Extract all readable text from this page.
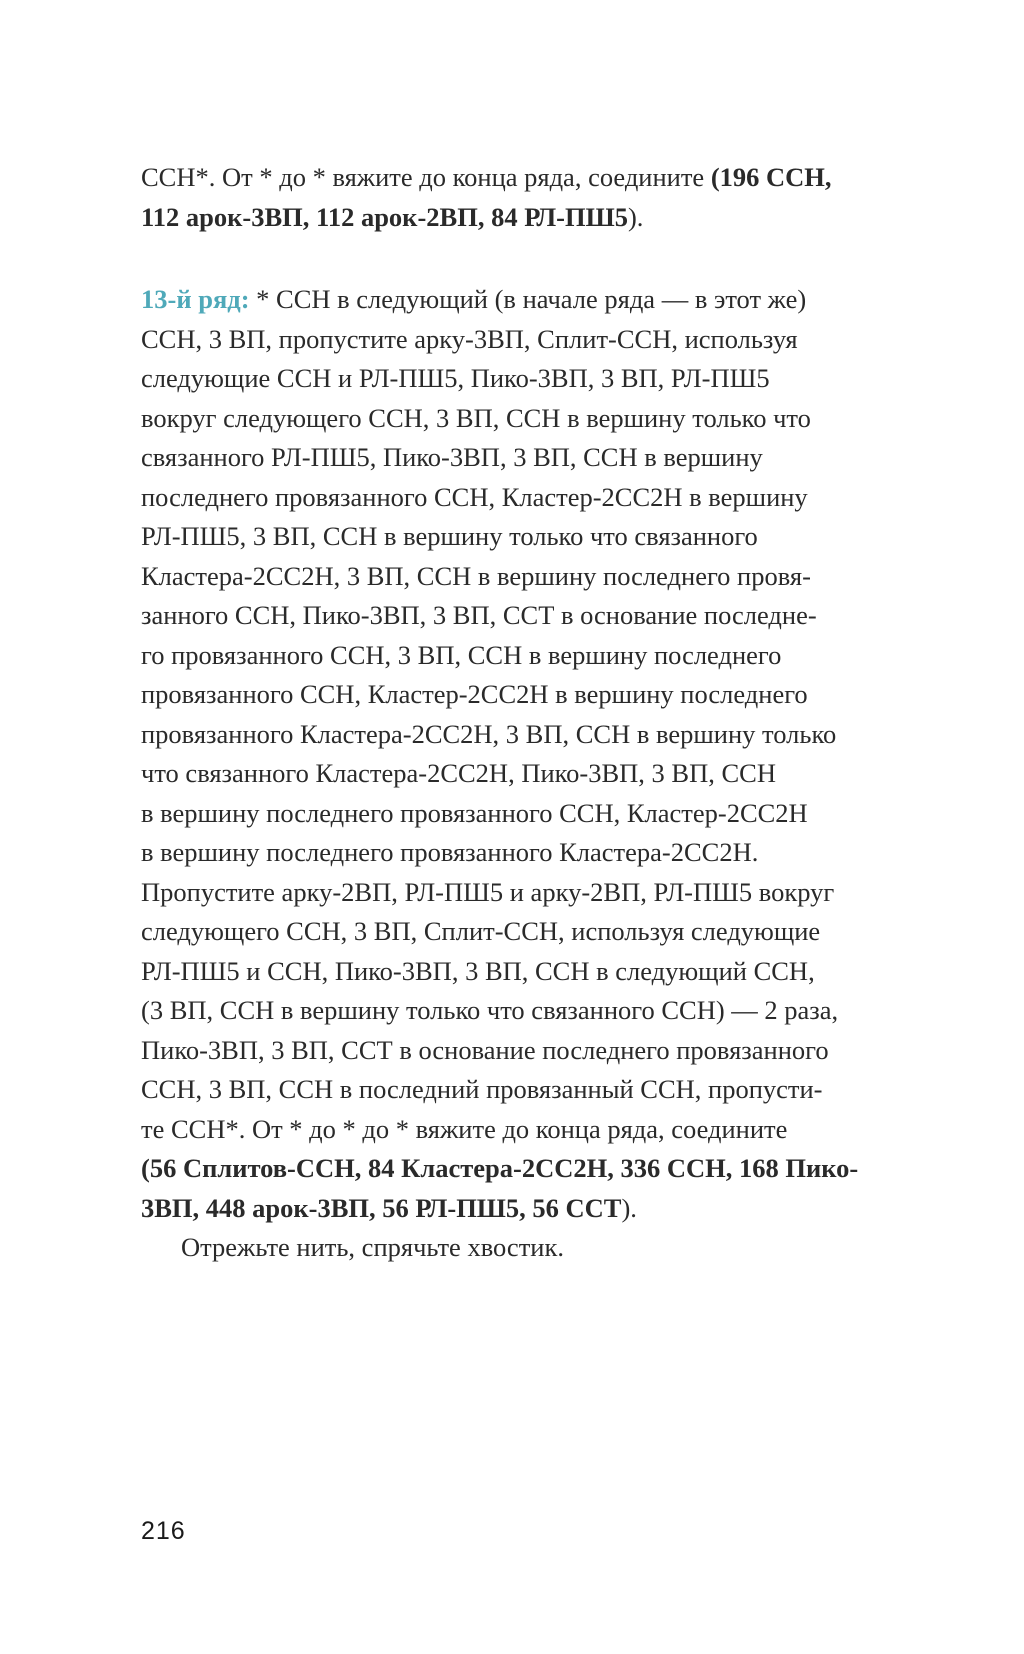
ССН*. От * до * вяжите до конца ряда, соедините (196 ССН,
112 арок-3ВП, 112 арок-2ВП, 84 РЛ-ПШ5).
13-й ряд: * ССН в следующий (в начале ряда — в этот же)
ССН, 3 ВП, пропустите арку-3ВП, Сплит-ССН, используя
следующие ССН и РЛ-ПШ5, Пико-3ВП, 3 ВП, РЛ-ПШ5
вокруг следующего ССН, 3 ВП, ССН в вершину только что
связанного РЛ-ПШ5, Пико-3ВП, 3 ВП, ССН в вершину
последнего провязанного ССН, Кластер-2СС2Н в вершину
РЛ-ПШ5, 3 ВП, ССН в вершину только что связанного
Кластера-2СС2Н, 3 ВП, ССН в вершину последнего провя-
занного ССН, Пико-3ВП, 3 ВП, ССТ в основание последне-
го провязанного ССН, 3 ВП, ССН в вершину последнего
провязанного ССН, Кластер-2СС2Н в вершину последнего
провязанного Кластера-2СС2Н, 3 ВП, ССН в вершину только
что связанного Кластера-2СС2Н, Пико-3ВП, 3 ВП, ССН
в вершину последнего провязанного ССН, Кластер-2СС2Н
в вершину последнего провязанного Кластера-2СС2Н.
Пропустите арку-2ВП, РЛ-ПШ5 и арку-2ВП, РЛ-ПШ5 вокруг
следующего ССН, 3 ВП, Сплит-ССН, используя следующие
РЛ-ПШ5 и ССН, Пико-3ВП, 3 ВП, ССН в следующий ССН,
(3 ВП, ССН в вершину только что связанного ССН) — 2 раза,
Пико-3ВП, 3 ВП, ССТ в основание последнего провязанного
ССН, 3 ВП, ССН в последний провязанный ССН, пропусти-
те ССН*. От * до * до * вяжите до конца ряда, соедините
(56 Сплитов-ССН, 84 Кластера-2СС2Н, 336 ССН, 168 Пико-
3ВП, 448 арок-3ВП, 56 РЛ-ПШ5, 56 ССТ).
Отрежьте нить, спрячьте хвостик.
216
